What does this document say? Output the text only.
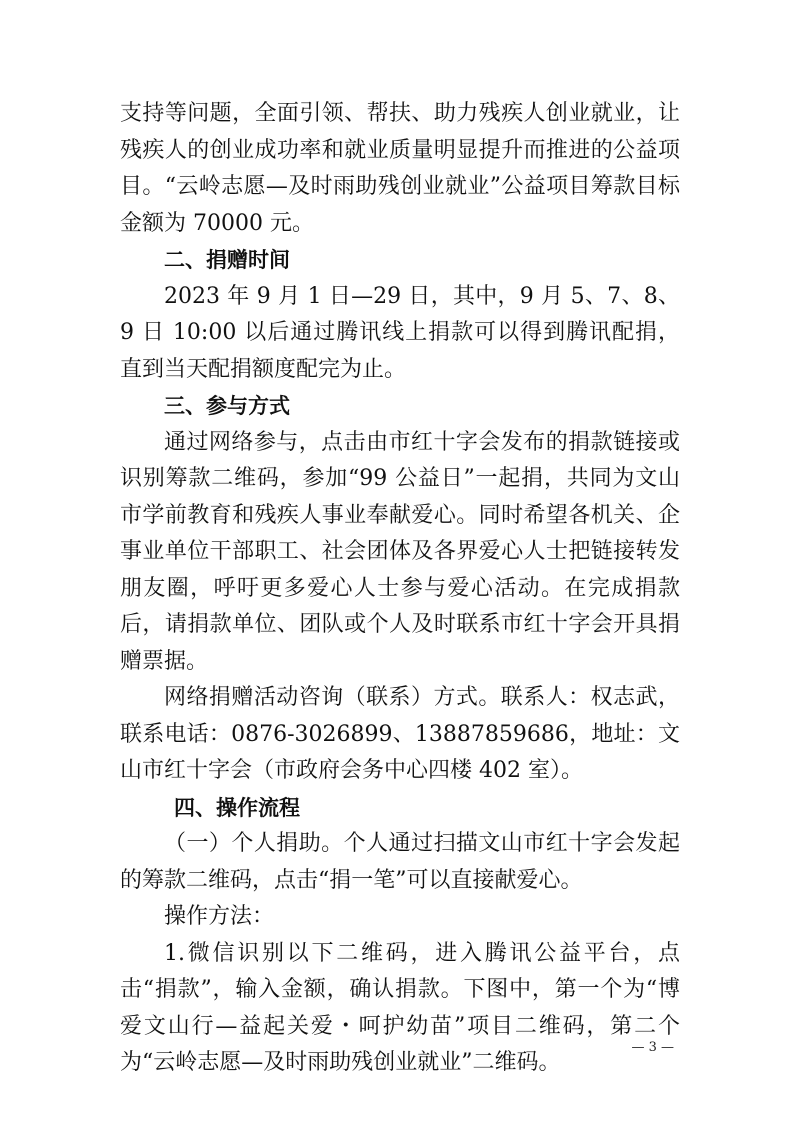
支持等问题，全面引领、帮扶、助力残疾人创业就业，让残疾人的创业成功率和就业质量明显提升而推进的公益项目。“云岭志愿—及时雨助残创业就业”公益项目筹款目标金额为 70000 元。

二、捐赠时间

2023 年 9 月 1 日—29 日，其中，9 月 5、7、8、9 日 10:00 以后通过腾讯线上捐款可以得到腾讯配捐，直到当天配捐额度配完为止。

三、参与方式

通过网络参与，点击由市红十字会发布的捐款链接或识别筹款二维码，参加“99 公益日”一起捐，共同为文山市学前教育和残疾人事业奉献爱心。同时希望各机关、企事业单位干部职工、社会团体及各界爱心人士把链接转发朋友圈，呼吁更多爱心人士参与爱心活动。在完成捐款后，请捐款单位、团队或个人及时联系市红十字会开具捐赠票据。

网络捐赠活动咨询（联系）方式。联系人：权志武，联系电话：0876-3026899、13887859686，地址：文山市红十字会（市政府会务中心四楼 402 室）。

四、操作流程

（一）个人捐助。个人通过扫描文山市红十字会发起的筹款二维码，点击“捐一笔”可以直接献爱心。

操作方法：

1.微信识别以下二维码，进入腾讯公益平台，点击“捐款”，输入金额，确认捐款。下图中，第一个为“博爱文山行—益起关爱・呵护幼苗”项目二维码，第二个为“云岭志愿—及时雨助残创业就业”二维码。

— 3 —
